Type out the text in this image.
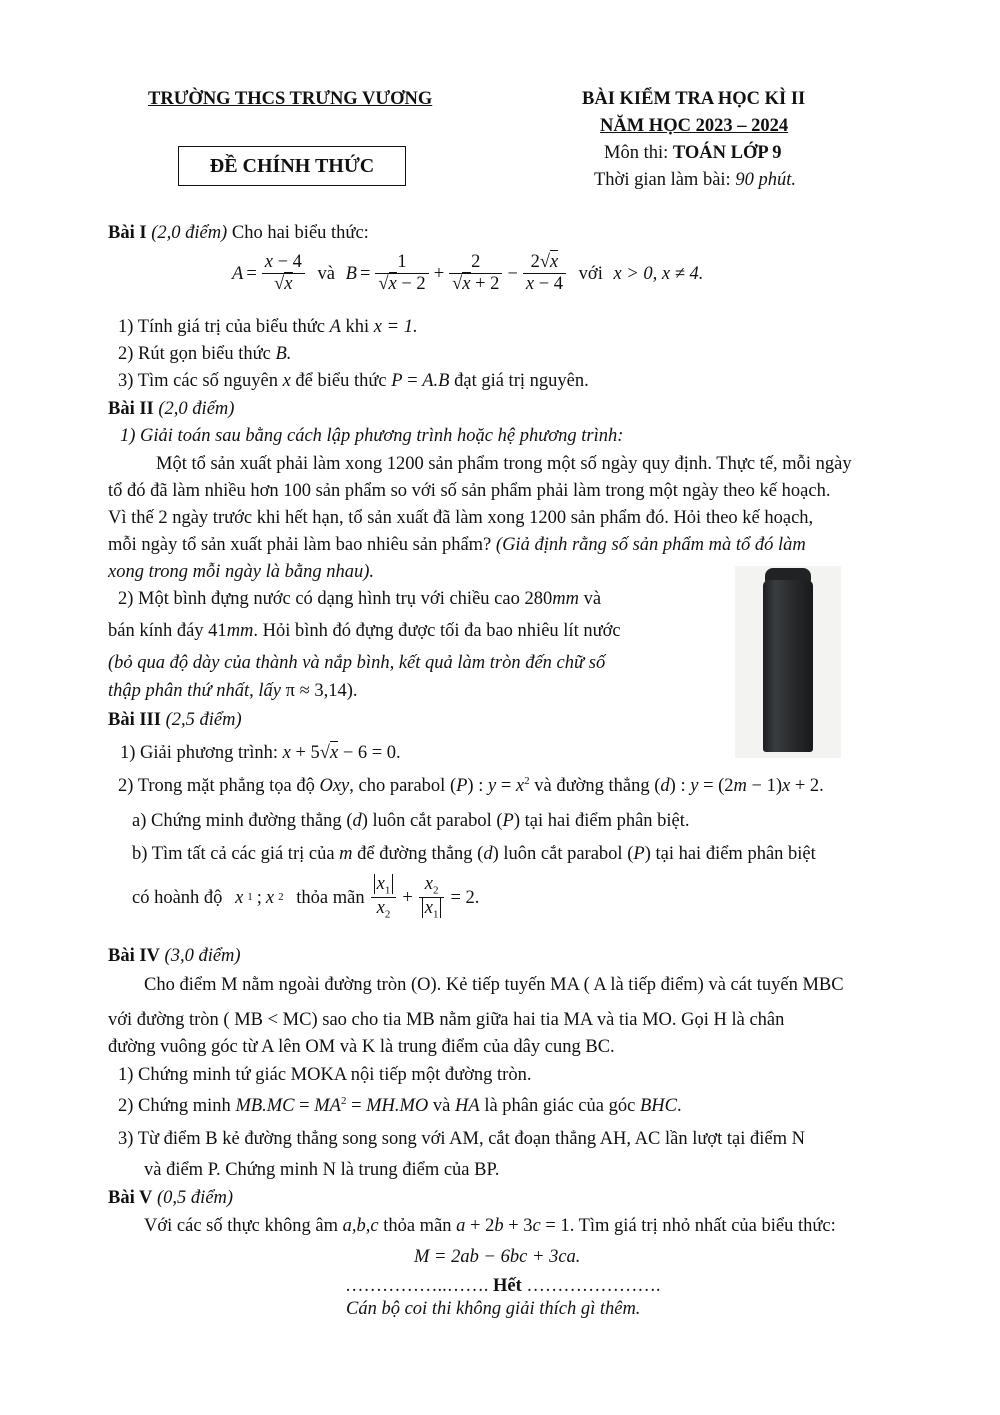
TRƯỜNG THCS TRƯNG VƯƠNG
ĐỀ CHÍNH THỨC
BÀI KIỂM TRA HỌC KÌ II
NĂM HỌC 2023 – 2024
Môn thi: TOÁN LỚP 9
Thời gian làm bài: 90 phút.
Bài I (2,0 điểm) Cho hai biểu thức:
$A = \frac{x - 4}{√x}$
và
$B = \frac{1}{√x - 2} + \frac{2}{√x + 2} - \frac{2√x}{x - 4}$
với
x > 0, x ≠ 4.
1) Tính giá trị của biểu thức A khi x = 1.
2) Rút gọn biểu thức B.
3) Tìm các số nguyên x để biểu thức P = A.B đạt giá trị nguyên.
Bài II (2,0 điểm)
1) Giải toán sau bằng cách lập phương trình hoặc hệ phương trình:
Một tổ sản xuất phải làm xong 1200 sản phẩm trong một số ngày quy định. Thực tế, mỗi ngày
tổ đó đã làm nhiều hơn 100 sản phẩm so với số sản phẩm phải làm trong một ngày theo kế hoạch.
Vì thế 2 ngày trước khi hết hạn, tổ sản xuất đã làm xong 1200 sản phẩm đó. Hỏi theo kế hoạch,
mỗi ngày tổ sản xuất phải làm bao nhiêu sản phẩm? (Giả định rằng số sản phẩm mà tổ đó làm
xong trong mỗi ngày là bằng nhau).
2) Một bình đựng nước có dạng hình trụ với chiều cao 280mm và
bán kính đáy 41mm. Hỏi bình đó đựng được tối đa bao nhiêu lít nước
(bỏ qua độ dày của thành và nắp bình, kết quả làm tròn đến chữ số
thập phân thứ nhất, lấy π ≈ 3,14).
Bài III (2,5 điểm)
1) Giải phương trình: x + 5√x − 6 = 0.
2) Trong mặt phẳng tọa độ Oxy, cho parabol (P) : $y = x^2$ và đường thẳng (d) : y = (2m − 1)x + 2.
a) Chứng minh đường thẳng (d) luôn cắt parabol (P) tại hai điểm phân biệt.
b) Tìm tất cả các giá trị của m để đường thẳng (d) luôn cắt parabol (P) tại hai điểm phân biệt
có hoành độ
x 1 ; x 2
thỏa mãn $\frac{x_1}{x_2} + \frac{x_2}{x_1} = 2$.
Bài IV (3,0 điểm)
Cho điểm M nằm ngoài đường tròn (O). Kẻ tiếp tuyến MA ( A là tiếp điểm) và cát tuyến MBC
với đường tròn ( MB < MC) sao cho tia MB nằm giữa hai tia MA và tia MO. Gọi H là chân
đường vuông góc từ A lên OM và K là trung điểm của dây cung BC.
1) Chứng minh tứ giác MOKA nội tiếp một đường tròn.
2) Chứng minh $MB.MC = MA^2 = MH.MO$ và HA là phân giác của góc BHC.
3) Từ điểm B kẻ đường thẳng song song với AM, cắt đoạn thẳng AH, AC lần lượt tại điểm N
và điểm P. Chứng minh N là trung điểm của BP.
Bài V (0,5 điểm)
Với các số thực không âm a,b,c thỏa mãn a + 2b + 3c = 1. Tìm giá trị nhỏ nhất của biểu thức:
M = 2ab − 6bc + 3ca.
……………..……. Hết ………………….
Cán bộ coi thi không giải thích gì thêm.
